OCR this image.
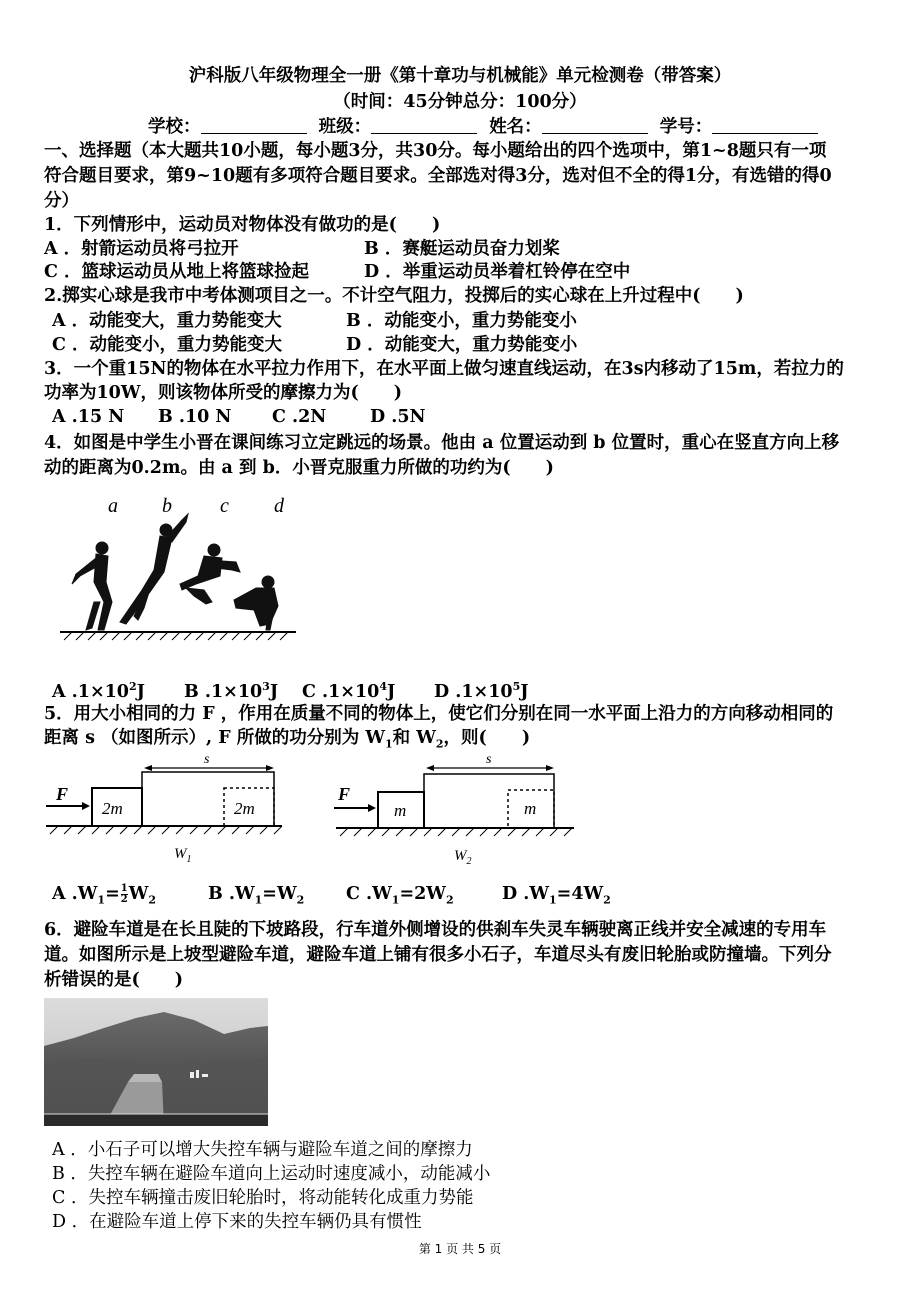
沪科版八年级物理全一册《第十章功与机械能》单元检测卷（带答案）
（时间：45分钟总分：100分）
学校：	班级：	姓名：	学号：
一、选择题（本大题共10小题，每小题3分，共30分。每小题给出的四个选项中，第1~8题只有一项
符合题目要求，第9~10题有多项符合题目要求。全部选对得3分，选对但不全的得1分，有选错的得0
分）
1．下列情形中，运动员对物体没有做功的是(　　)
A ．射箭运动员将弓拉开	B ．赛艇运动员奋力划桨
C ．篮球运动员从地上将篮球捡起	D ．举重运动员举着杠铃停在空中
2.掷实心球是我市中考体测项目之一。不计空气阻力，投掷后的实心球在上升过程中(　　)
A ．动能变大，重力势能变大	B ．动能变小，重力势能变小
C ．动能变小，重力势能变大	D ．动能变大，重力势能变小
3．一个重15N的物体在水平拉力作用下，在水平面上做匀速直线运动，在3s内移动了15m，若拉力的
功率为10W，则该物体所受的摩擦力为(　　)
A .15 N B .10 N C .2N D .5N
4．如图是中学生小晋在课间练习立定跳远的场景。他由 a 位置运动到 b 位置时，重心在竖直方向上移
动的距离为0.2m。由 a 到 b．小晋克服重力所做的功约为(　　)
a b c d
A $.1\times 10^2J$ B $.1\times 10^3J$ C $.1\times 10^4J$ D $.1\times 10^5J$
5．用大小相同的力 F ，作用在质量不同的物体上，使它们分别在同一水平面上沿力的方向移动相同的
距离 s （如图所示）, F 所做的功分别为 $W_1$和 $W_2$，则(　　)
F
2m	2m
s
$W_1$
F
m	m
s
$W_2$
A $.W_1= \frac{1}{2} W_2$	B $.W_1=W_2$ C $.W_1=2W_2$	D $.W_1=4W_2$
6．避险车道是在长且陡的下坡路段，行车道外侧增设的供刹车失灵车辆驶离正线并安全减速的专用车
道。如图所示是上坡型避险车道，避险车道上铺有很多小石子，车道尽头有废旧轮胎或防撞墙。下列分
析错误的是(　　)
A ．小石子可以增大失控车辆与避险车道之间的摩擦力
B ．失控车辆在避险车道向上运动时速度减小，动能减小
C ．失控车辆撞击废旧轮胎时，将动能转化成重力势能
D ．在避险车道上停下来的失控车辆仍具有惯性
第 1 页 共 5 页
